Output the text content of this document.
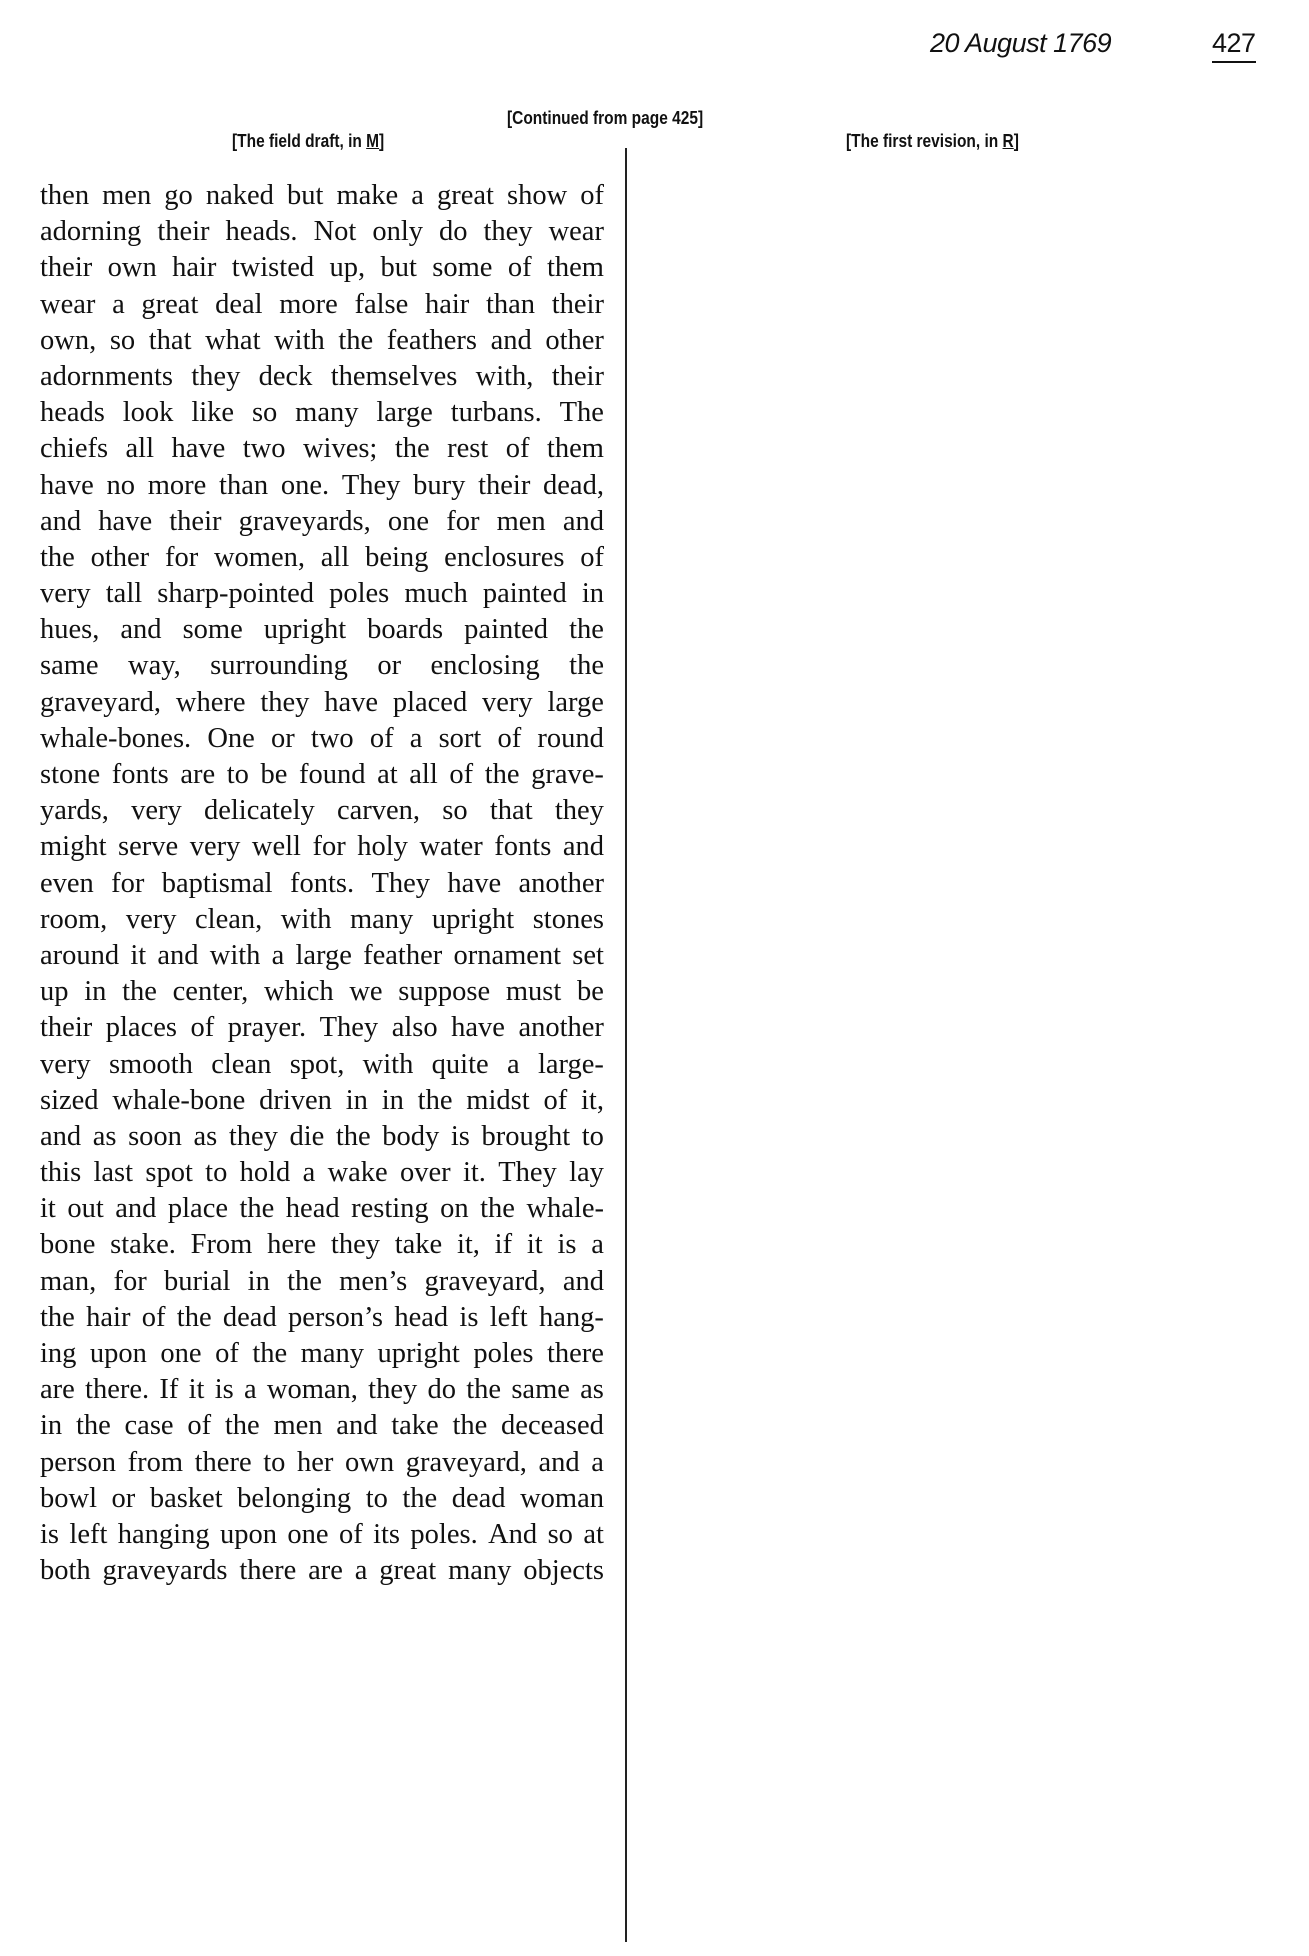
20 August 1769	427
[Continued from page 425]
[The field draft, in M]	[The first revision, in R]
then men go naked but make a great show of
adorning their heads. Not only do they wear
their own hair twisted up, but some of them
wear a great deal more false hair than their
own, so that what with the feathers and other
adornments they deck themselves with, their
heads look like so many large turbans. The
chiefs all have two wives; the rest of them
have no more than one. They bury their dead,
and have their graveyards, one for men and
the other for women, all being enclosures of
very tall sharp-pointed poles much painted in
hues, and some upright boards painted the
same way, surrounding or enclosing the
graveyard, where they have placed very large
whale-bones. One or two of a sort of round
stone fonts are to be found at all of the grave-
yards, very delicately carven, so that they
might serve very well for holy water fonts and
even for baptismal fonts. They have another
room, very clean, with many upright stones
around it and with a large feather ornament set
up in the center, which we suppose must be
their places of prayer. They also have another
very smooth clean spot, with quite a large-
sized whale-bone driven in in the midst of it,
and as soon as they die the body is brought to
this last spot to hold a wake over it. They lay
it out and place the head resting on the whale-
bone stake. From here they take it, if it is a
man, for burial in the men’s graveyard, and
the hair of the dead person’s head is left hang-
ing upon one of the many upright poles there
are there. If it is a woman, they do the same as
in the case of the men and take the deceased
person from there to her own graveyard, and a
bowl or basket belonging to the dead woman
is left hanging upon one of its poles. And so at
both graveyards there are a great many objects
